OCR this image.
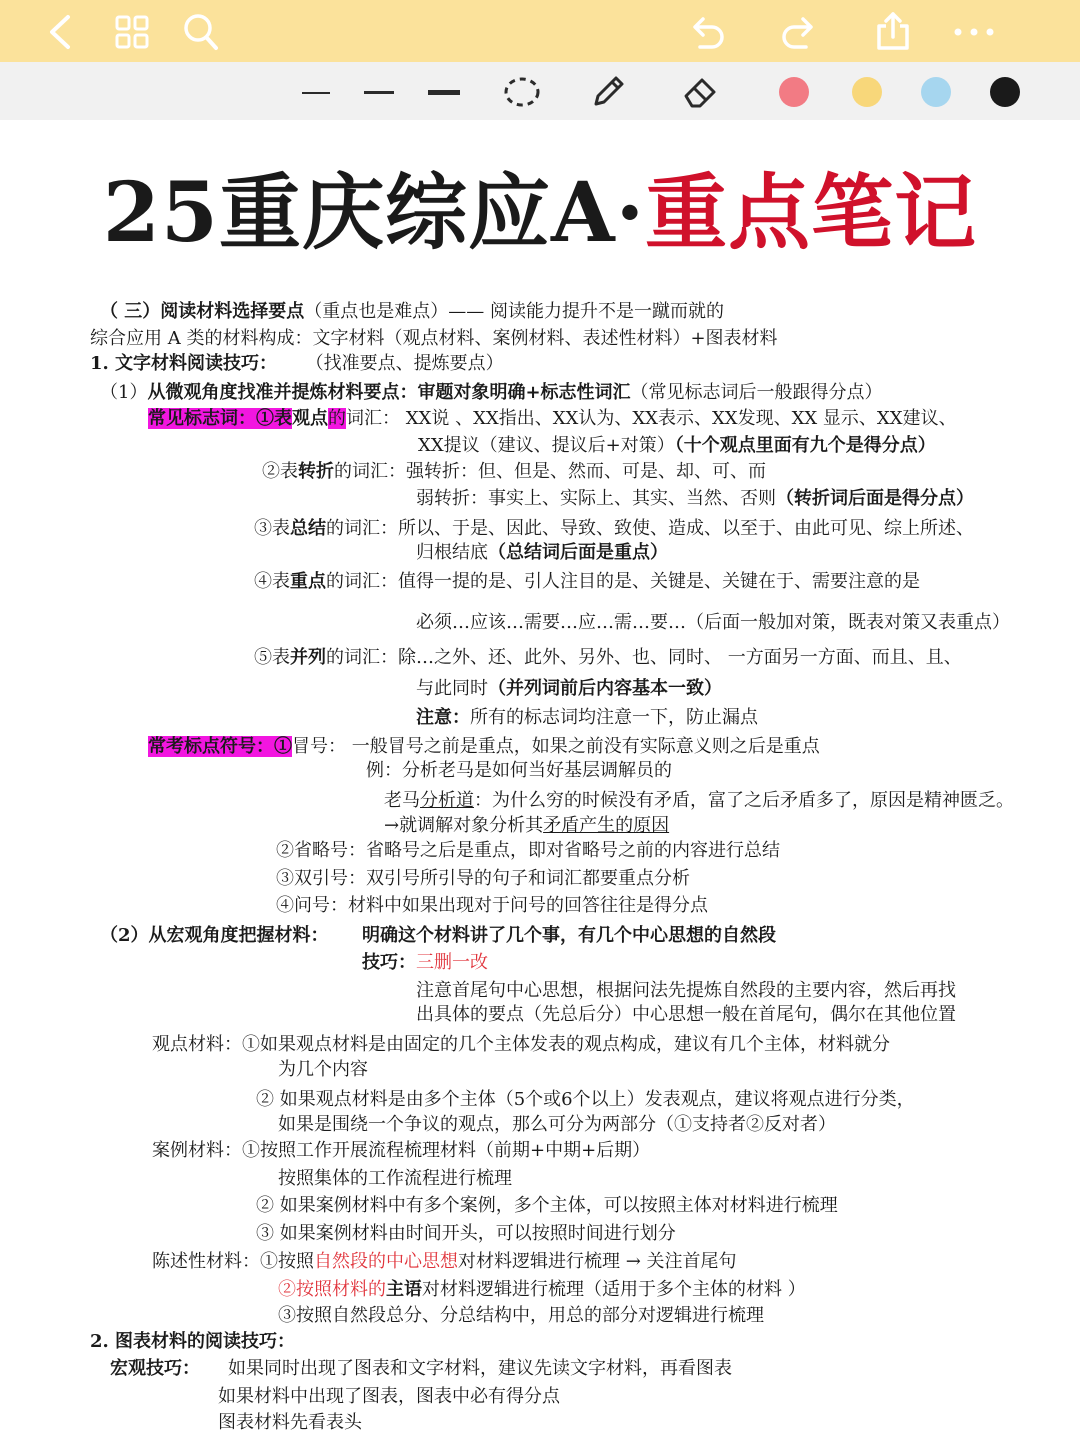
25重庆综应A·重点笔记
（ 三）阅读材料选择要点（重点也是难点）—— 阅读能力提升不是一蹴而就的
综合应用 A 类的材料构成：文字材料（观点材料、案例材料、表述性材料）+图表材料
1. 文字材料阅读技巧： （找准要点、提炼要点）
（1）从微观角度找准并提炼材料要点：审题对象明确+标志性词汇（常见标志词后一般跟得分点）
常见标志词：①表观点的词汇： XX说 、XX指出、XX认为、XX表示、XX发现、XX 显示、XX建议、
XX提议（建议、提议后+对策）（十个观点里面有九个是得分点）
②表转折的词汇：强转折：但、但是、然而、可是、却、可、而
弱转折：事实上、实际上、其实、当然、否则（转折词后面是得分点）
③表总结的词汇：所以、于是、因此、导致、致使、造成、以至于、由此可见、综上所述、
归根结底（总结词后面是重点）
④表重点的词汇：值得一提的是、引人注目的是、关键是、关键在于、需要注意的是
必须…应该…需要…应…需…要…（后面一般加对策，既表对策又表重点）
⑤表并列的词汇：除…之外、还、此外、另外、也、同时、 一方面另一方面、而且、且、
与此同时（并列词前后内容基本一致）
注意：所有的标志词均注意一下，防止漏点
常考标点符号：①冒号： 一般冒号之前是重点，如果之前没有实际意义则之后是重点
例：分析老马是如何当好基层调解员的
老马分析道：为什么穷的时候没有矛盾，富了之后矛盾多了，原因是精神匮乏。
→就调解对象分析其矛盾产生的原因
②省略号：省略号之后是重点，即对省略号之前的内容进行总结
③双引号：双引号所引导的句子和词汇都要重点分析
④问号：材料中如果出现对于问号的回答往往是得分点
（2）从宏观角度把握材料： 明确这个材料讲了几个事，有几个中心思想的自然段
技巧：三删一改
注意首尾句中心思想，根据问法先提炼自然段的主要内容，然后再找
出具体的要点（先总后分）中心思想一般在首尾句，偶尔在其他位置
观点材料：①如果观点材料是由固定的几个主体发表的观点构成，建议有几个主体，材料就分
为几个内容
② 如果观点材料是由多个主体（5个或6个以上）发表观点，建议将观点进行分类，
如果是围绕一个争议的观点，那么可分为两部分（①支持者②反对者）
案例材料：①按照工作开展流程梳理材料（前期+中期+后期）
按照集体的工作流程进行梳理
② 如果案例材料中有多个案例，多个主体，可以按照主体对材料进行梳理
③ 如果案例材料由时间开头，可以按照时间进行划分
陈述性材料：①按照自然段的中心思想对材料逻辑进行梳理 → 关注首尾句
②按照材料的主语对材料逻辑进行梳理（适用于多个主体的材料 ）
③按照自然段总分、分总结构中，用总的部分对逻辑进行梳理
2. 图表材料的阅读技巧：
宏观技巧： 如果同时出现了图表和文字材料，建议先读文字材料，再看图表
如果材料中出现了图表，图表中必有得分点
图表材料先看表头
